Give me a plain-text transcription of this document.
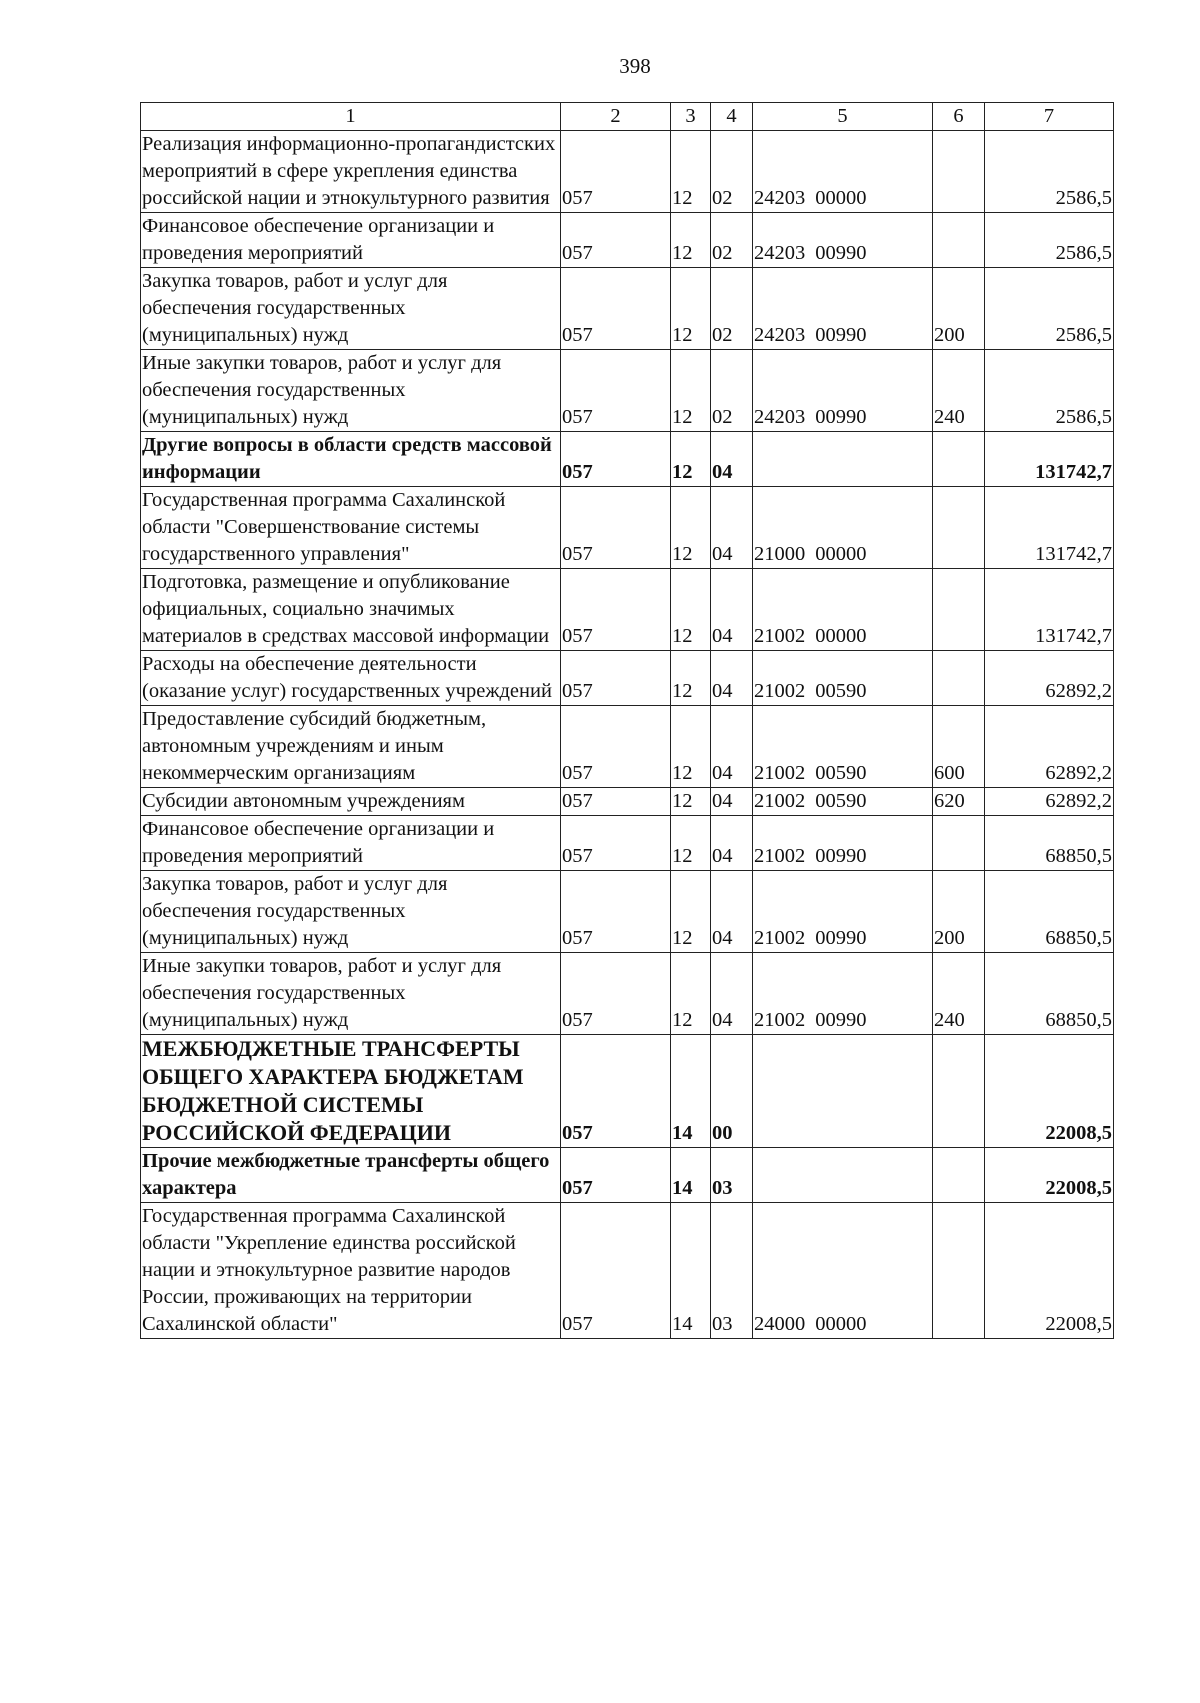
398
1	2	3	4	5	6	7
Реализация информационно-пропагандистских мероприятий в сфере укрепления единства российской нации и этнокультурного развития	057	12	02	24203 00000		2586,5
Финансовое обеспечение организации и проведения мероприятий	057	12	02	24203 00990		2586,5
Закупка товаров, работ и услуг для обеспечения государственных (муниципальных) нужд	057	12	02	24203 00990	200	2586,5
Иные закупки товаров, работ и услуг для обеспечения государственных (муниципальных) нужд	057	12	02	24203 00990	240	2586,5
Другие вопросы в области средств массовой информации	057	12	04			131742,7
Государственная программа Сахалинской области "Совершенствование системы государственного управления"	057	12	04	21000 00000		131742,7
Подготовка, размещение и опубликование официальных, социально значимых материалов в средствах массовой информации	057	12	04	21002 00000		131742,7
Расходы на обеспечение деятельности (оказание услуг) государственных учреждений	057	12	04	21002 00590		62892,2
Предоставление субсидий бюджетным, автономным учреждениям и иным некоммерческим организациям	057	12	04	21002 00590	600	62892,2
Субсидии автономным учреждениям	057	12	04	21002 00590	620	62892,2
Финансовое обеспечение организации и проведения мероприятий	057	12	04	21002 00990		68850,5
Закупка товаров, работ и услуг для обеспечения государственных (муниципальных) нужд	057	12	04	21002 00990	200	68850,5
Иные закупки товаров, работ и услуг для обеспечения государственных (муниципальных) нужд	057	12	04	21002 00990	240	68850,5
МЕЖБЮДЖЕТНЫЕ ТРАНСФЕРТЫ ОБЩЕГО ХАРАКТЕРА БЮДЖЕТАМ БЮДЖЕТНОЙ СИСТЕМЫ РОССИЙСКОЙ ФЕДЕРАЦИИ	057	14	00			22008,5
Прочие межбюджетные трансферты общего характера	057	14	03			22008,5
Государственная программа Сахалинской области "Укрепление единства российской нации и этнокультурное развитие народов России, проживающих на территории Сахалинской области"	057	14	03	24000 00000		22008,5
